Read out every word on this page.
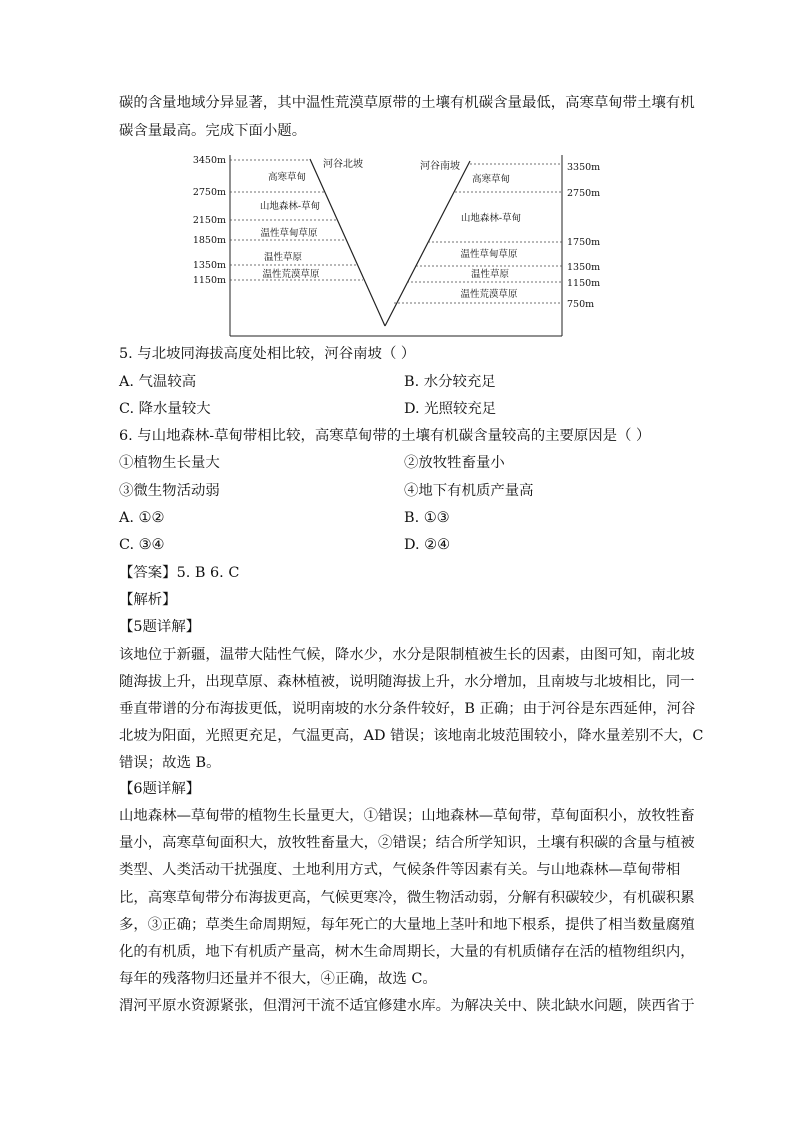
碳的含量地域分异显著，其中温性荒漠草原带的土壤有机碳含量最低，高寒草甸带土壤有机
碳含量最高。完成下面小题。
3450m
2750m
2150m
1850m
1350m
1150m
3350m
2750m
1750m
1350m
1150m
750m
河谷北坡	河谷南坡
高寒草甸
山地森林-草甸
温性草甸草原
温性草原
温性荒漠草原
高寒草甸
山地森林-草甸
温性草甸草原
温性草原
温性荒漠草原
5. 与北坡同海拔高度处相比较，河谷南坡（ ）
A. 气温较高	B. 水分较充足
C. 降水量较大	D. 光照较充足
6. 与山地森林-草甸带相比较，高寒草甸带的土壤有机碳含量较高的主要原因是（ ）
①植物生长量大	②放牧牲畜量小
③微生物活动弱	④地下有机质产量高
A. ①②	B. ①③
C. ③④	D. ②④
【答案】5. B 6. C
【解析】
【5题详解】
该地位于新疆，温带大陆性气候，降水少，水分是限制植被生长的因素，由图可知，南北坡
随海拔上升，出现草原、森林植被，说明随海拔上升，水分增加，且南坡与北坡相比，同一
垂直带谱的分布海拔更低，说明南坡的水分条件较好，B 正确；由于河谷是东西延伸，河谷
北坡为阳面，光照更充足，气温更高，AD 错误；该地南北坡范围较小，降水量差别不大，C
错误；故选 B。
【6题详解】
山地森林—草甸带的植物生长量更大，①错误；山地森林—草甸带，草甸面积小，放牧牲畜
量小，高寒草甸面积大，放牧牲畜量大，②错误；结合所学知识，土壤有积碳的含量与植被
类型、人类活动干扰强度、土地利用方式，气候条件等因素有关。与山地森林—草甸带相
比，高寒草甸带分布海拔更高，气候更寒冷，微生物活动弱，分解有积碳较少，有机碳积累
多，③正确；草类生命周期短，每年死亡的大量地上茎叶和地下根系，提供了相当数量腐殖
化的有机质，地下有机质产量高，树木生命周期长，大量的有机质储存在活的植物组织内，
每年的残落物归还量并不很大，④正确，故选 C。
渭河平原水资源紧张，但渭河干流不适宜修建水库。为解决关中、陕北缺水问题，陕西省于
